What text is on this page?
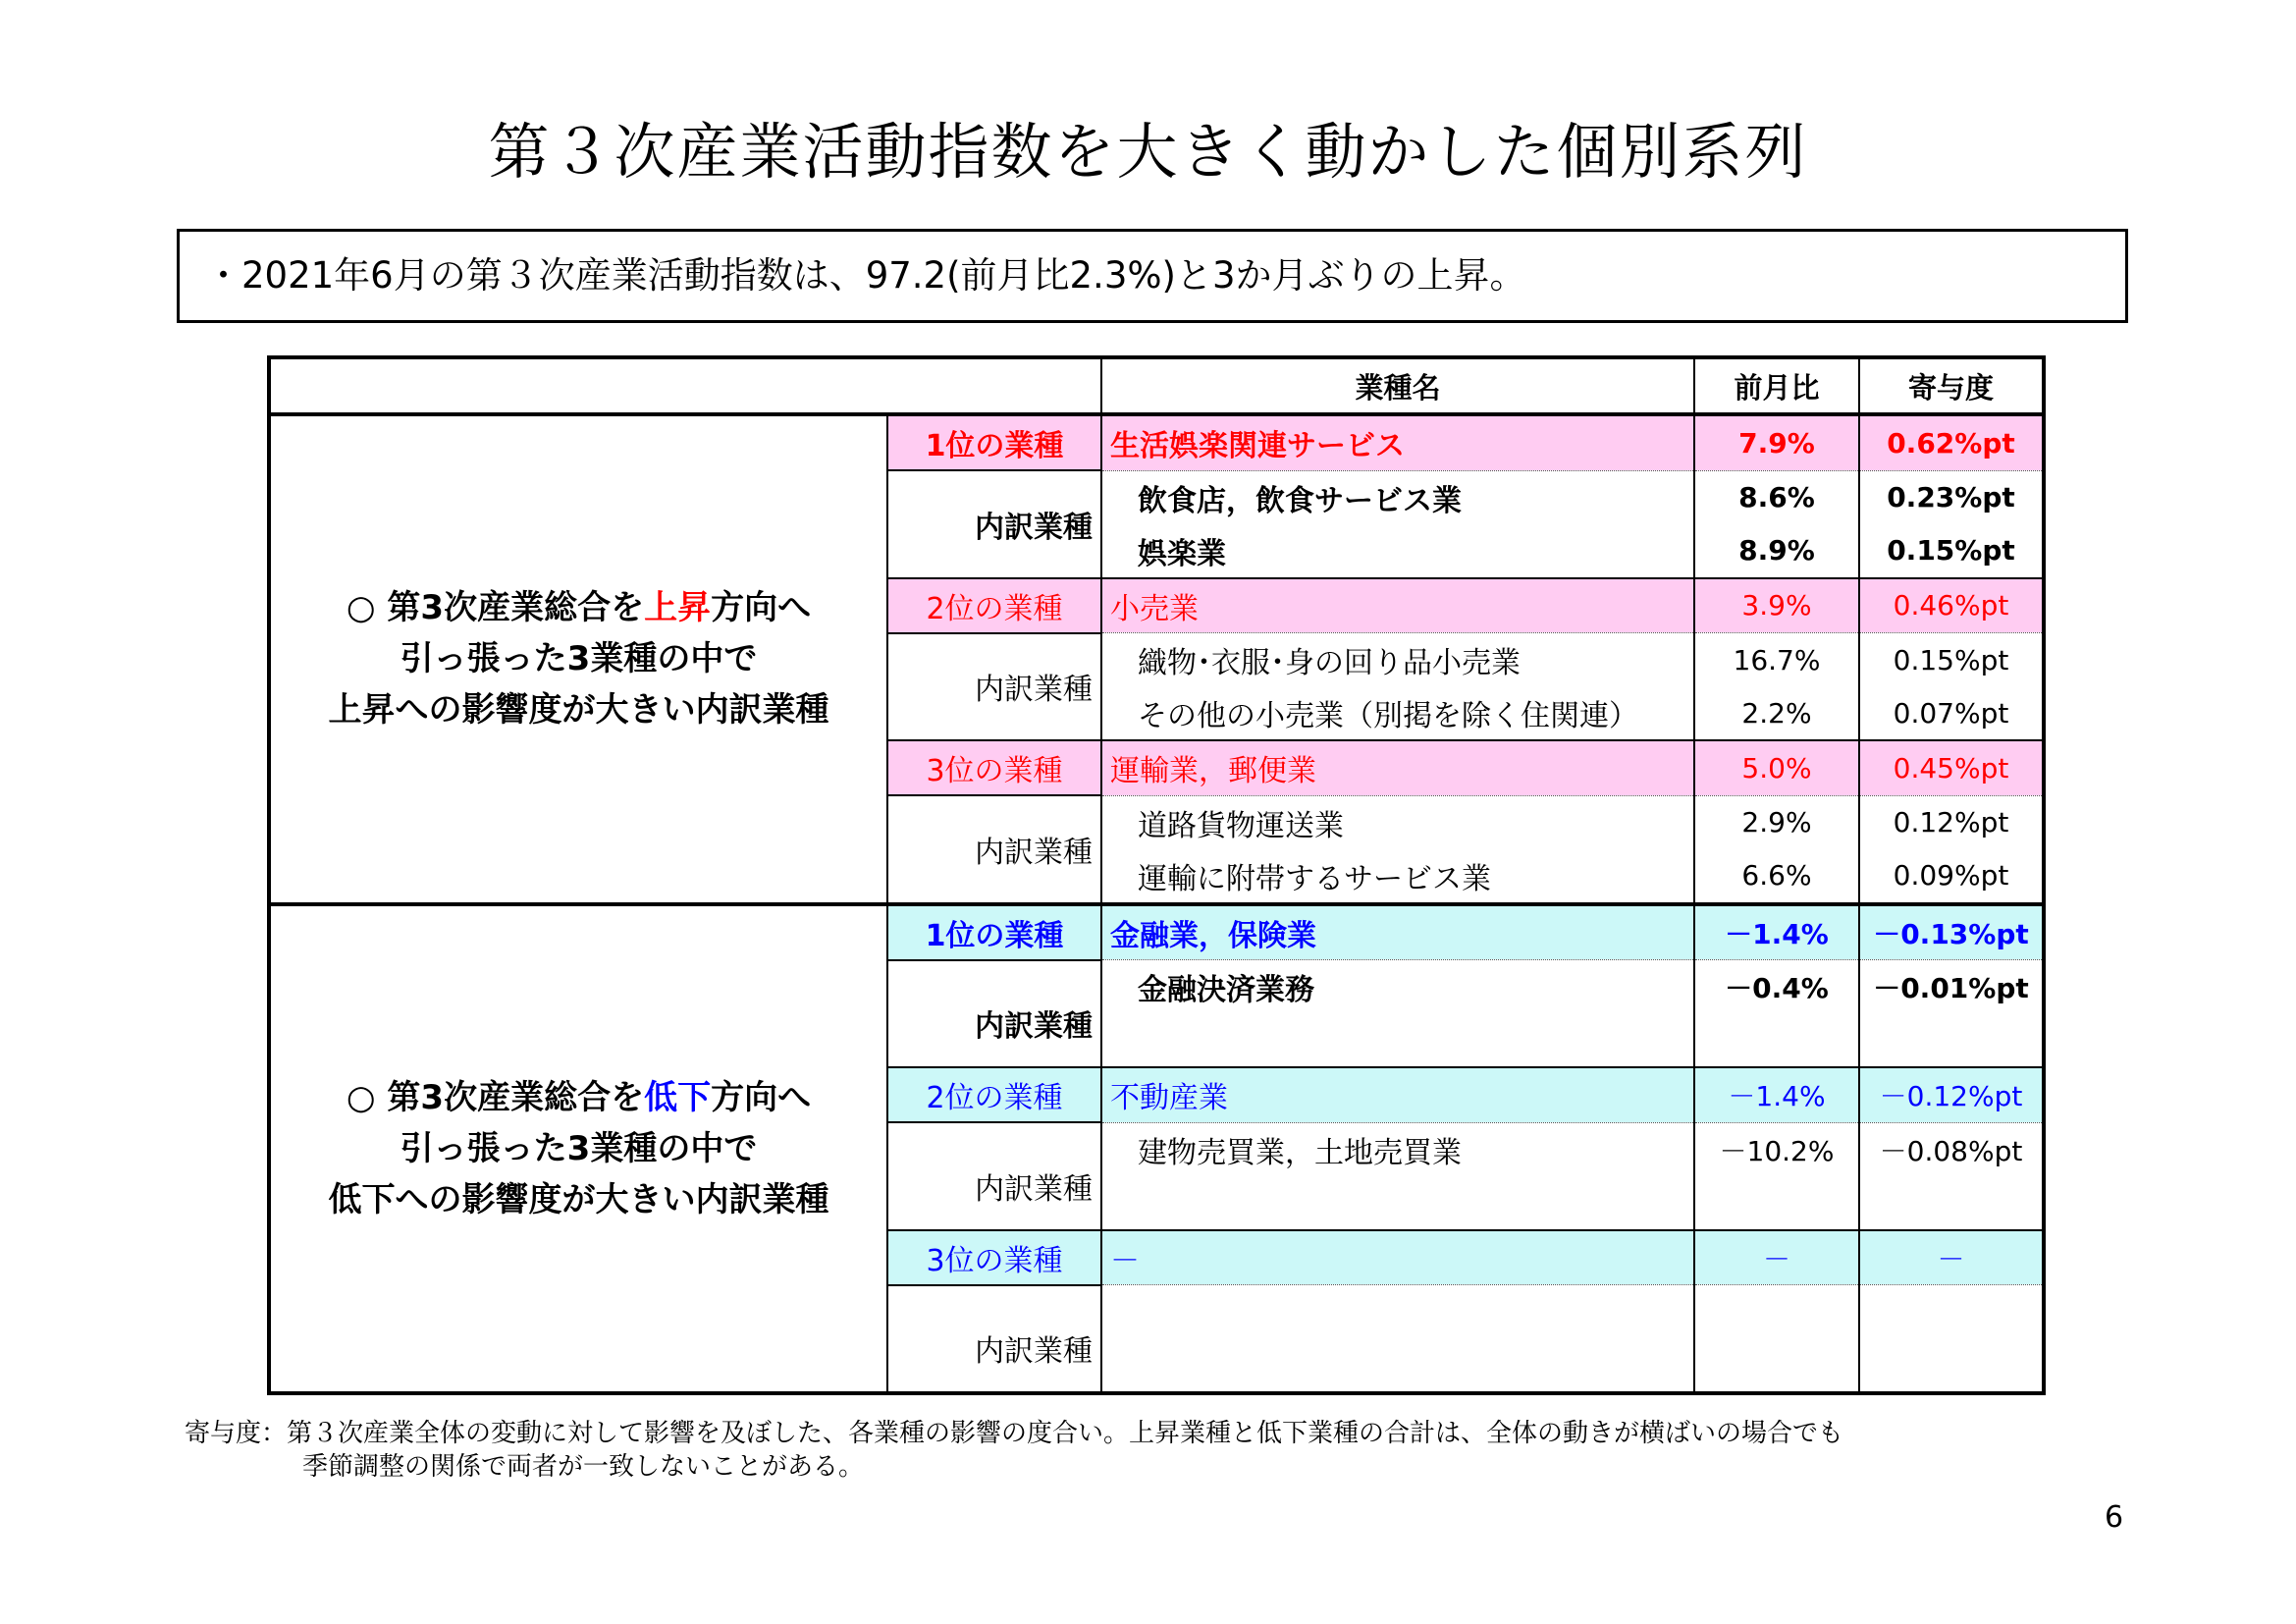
第３次産業活動指数を大きく動かした個別系列
・2021年6月の第３次産業活動指数は、97.2(前月比2.3%)と3か月ぶりの上昇。
		業種名	前月比	寄与度
○ 第3次産業総合を上昇方向へ
引っ張った3業種の中で
上昇への影響度が大きい内訳業種	1位の業種	生活娯楽関連サービス	7.9%	0.62%pt
	内訳業種	飲食店，飲食サービス業	8.6%	0.23%pt
		娯楽業	8.9%	0.15%pt
	2位の業種	小売業	3.9%	0.46%pt
	内訳業種	織物･衣服･身の回り品小売業	16.7%	0.15%pt
		その他の小売業（別掲を除く住関連）	2.2%	0.07%pt
	3位の業種	運輸業，郵便業	5.0%	0.45%pt
	内訳業種	道路貨物運送業	2.9%	0.12%pt
		運輸に附帯するサービス業	6.6%	0.09%pt
○ 第3次産業総合を低下方向へ
引っ張った3業種の中で
低下への影響度が大きい内訳業種	1位の業種	金融業，保険業	－1.4%	－0.13%pt
	内訳業種	金融決済業務	－0.4%	－0.01%pt

	2位の業種	不動産業	－1.4%	－0.12%pt
	内訳業種	建物売買業，土地売買業	－10.2%	－0.08%pt

	3位の業種	－	－	－
	内訳業種			

寄与度：第３次産業全体の変動に対して影響を及ぼした、各業種の影響の度合い。上昇業種と低下業種の合計は、全体の動きが横ばいの場合でも
季節調整の関係で両者が一致しないことがある。
6
